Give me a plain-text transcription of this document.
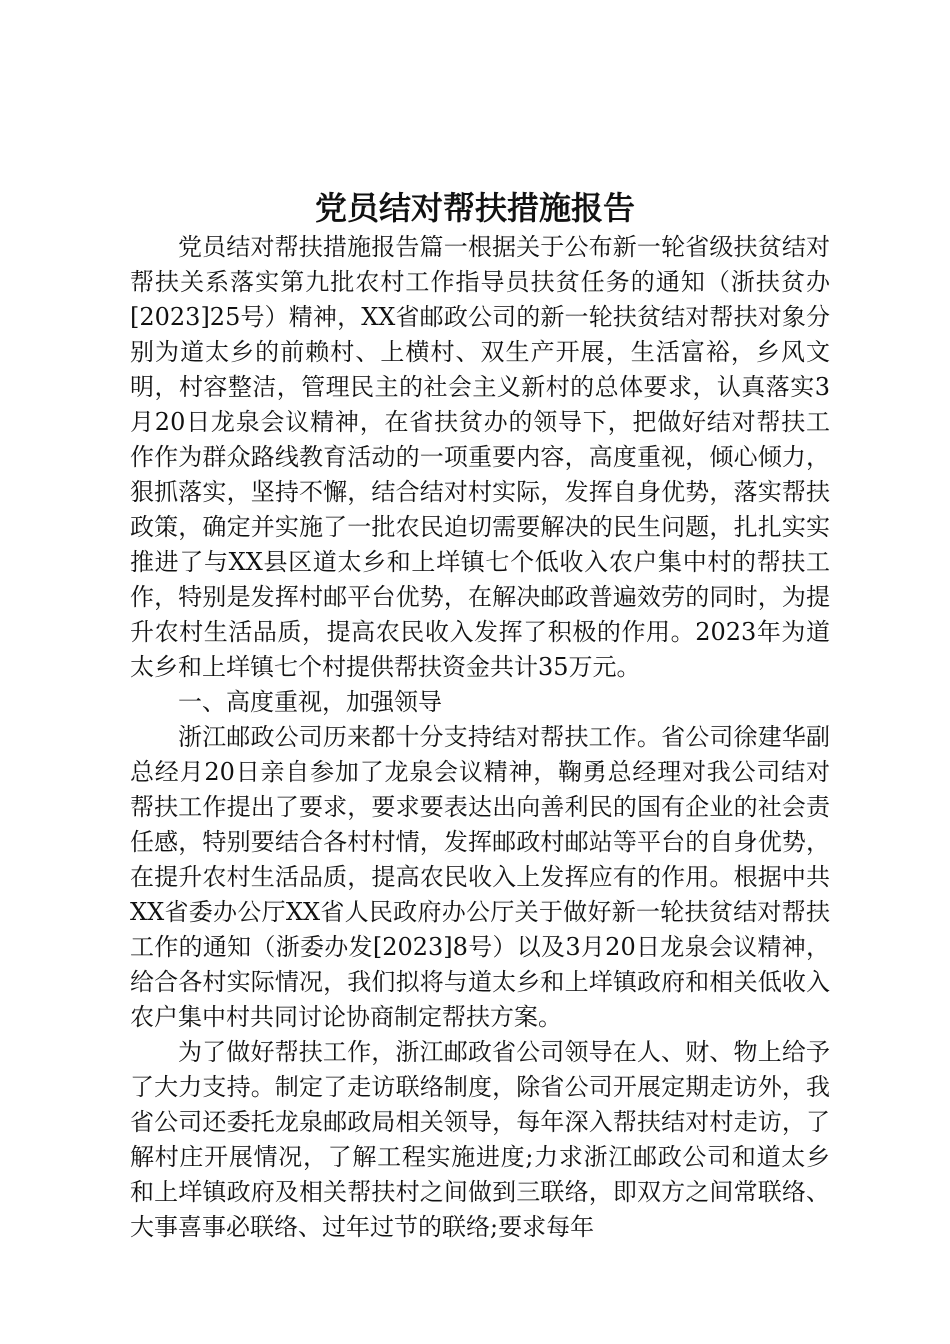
党员结对帮扶措施报告

党员结对帮扶措施报告篇一根据关于公布新一轮省级扶贫结对帮扶关系落实第九批农村工作指导员扶贫任务的通知（浙扶贫办[2023]25号）精神，XX省邮政公司的新一轮扶贫结对帮扶对象分别为道太乡的前赖村、上横村、双生产开展，生活富裕，乡风文明，村容整洁，管理民主的社会主义新村的总体要求，认真落实3月20日龙泉会议精神，在省扶贫办的领导下，把做好结对帮扶工作作为群众路线教育活动的一项重要内容，高度重视，倾心倾力，狠抓落实，坚持不懈，结合结对村实际，发挥自身优势，落实帮扶政策，确定并实施了一批农民迫切需要解决的民生问题，扎扎实实推进了与XX县区道太乡和上垟镇七个低收入农户集中村的帮扶工作，特别是发挥村邮平台优势，在解决邮政普遍效劳的同时，为提升农村生活品质，提高农民收入发挥了积极的作用。2023年为道太乡和上垟镇七个村提供帮扶资金共计35万元。

一、高度重视，加强领导

浙江邮政公司历来都十分支持结对帮扶工作。省公司徐建华副总经月20日亲自参加了龙泉会议精神，鞠勇总经理对我公司结对帮扶工作提出了要求，要求要表达出向善利民的国有企业的社会责任感，特别要结合各村村情，发挥邮政村邮站等平台的自身优势，在提升农村生活品质，提高农民收入上发挥应有的作用。根据中共XX省委办公厅XX省人民政府办公厅关于做好新一轮扶贫结对帮扶工作的通知（浙委办发[2023]8号）以及3月20日龙泉会议精神，给合各村实际情况，我们拟将与道太乡和上垟镇政府和相关低收入农户集中村共同讨论协商制定帮扶方案。

为了做好帮扶工作，浙江邮政省公司领导在人、财、物上给予了大力支持。制定了走访联络制度，除省公司开展定期走访外，我省公司还委托龙泉邮政局相关领导，每年深入帮扶结对村走访，了解村庄开展情况，了解工程实施进度;力求浙江邮政公司和道太乡和上垟镇政府及相关帮扶村之间做到三联络，即双方之间常联络、大事喜事必联络、过年过节的联络;要求每年
